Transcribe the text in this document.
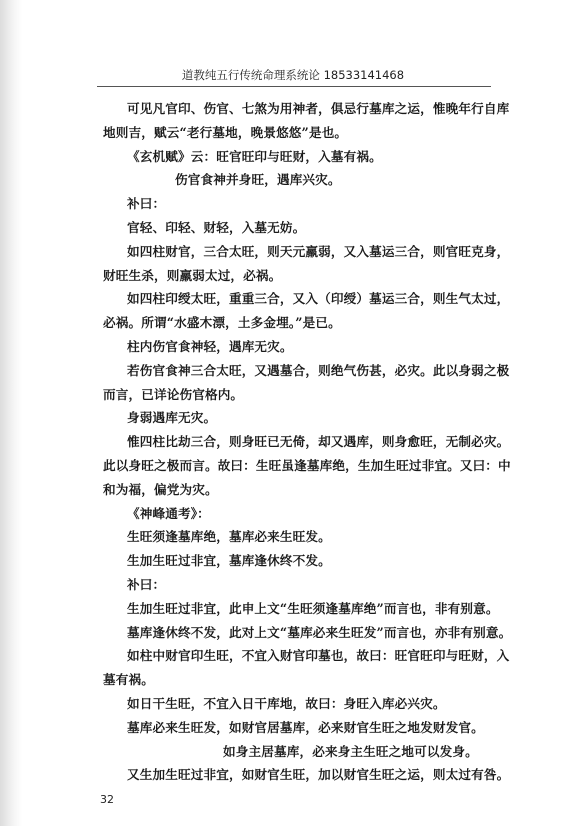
道教纯五行传统命理系统论 18533141468
可见凡官印、伤官、七煞为用神者，俱忌行墓库之运，惟晚年行自库
地则吉，赋云“老行墓地，晚景悠悠”是也。
《玄机赋》云：旺官旺印与旺财，入墓有祸。
伤官食神并身旺，遇库兴灾。
补曰：
官轻、印轻、财轻，入墓无妨。
如四柱财官，三合太旺，则天元羸弱，又入墓运三合，则官旺克身，
财旺生杀，则羸弱太过，必祸。
如四柱印绶太旺，重重三合，又入（印绶）墓运三合，则生气太过，
必祸。所谓“水盛木漂，土多金埋。”是已。
柱内伤官食神轻，遇库无灾。
若伤官食神三合太旺，又遇墓合，则绝气伤甚，必灾。此以身弱之极
而言，已详论伤官格内。
身弱遇库无灾。
惟四柱比劫三合，则身旺已无倚，却又遇库，则身愈旺，无制必灾。
此以身旺之极而言。故曰：生旺虽逢墓库绝，生加生旺过非宜。又曰：中
和为福，偏党为灾。
《神峰通考》：
生旺须逢墓库绝，墓库必来生旺发。
生加生旺过非宜，墓库逢休终不发。
补曰：
生加生旺过非宜，此申上文“生旺须逢墓库绝”而言也，非有别意。
墓库逢休终不发，此对上文“墓库必来生旺发”而言也，亦非有别意。
如柱中财官印生旺，不宜入财官印墓也，故曰：旺官旺印与旺财，入
墓有祸。
如日干生旺，不宜入日干库地，故曰：身旺入库必兴灾。
墓库必来生旺发，如财官居墓库，必来财官生旺之地发财发官。
如身主居墓库，必来身主生旺之地可以发身。
又生加生旺过非宜，如财官生旺，加以财官生旺之运，则太过有咎。
32
